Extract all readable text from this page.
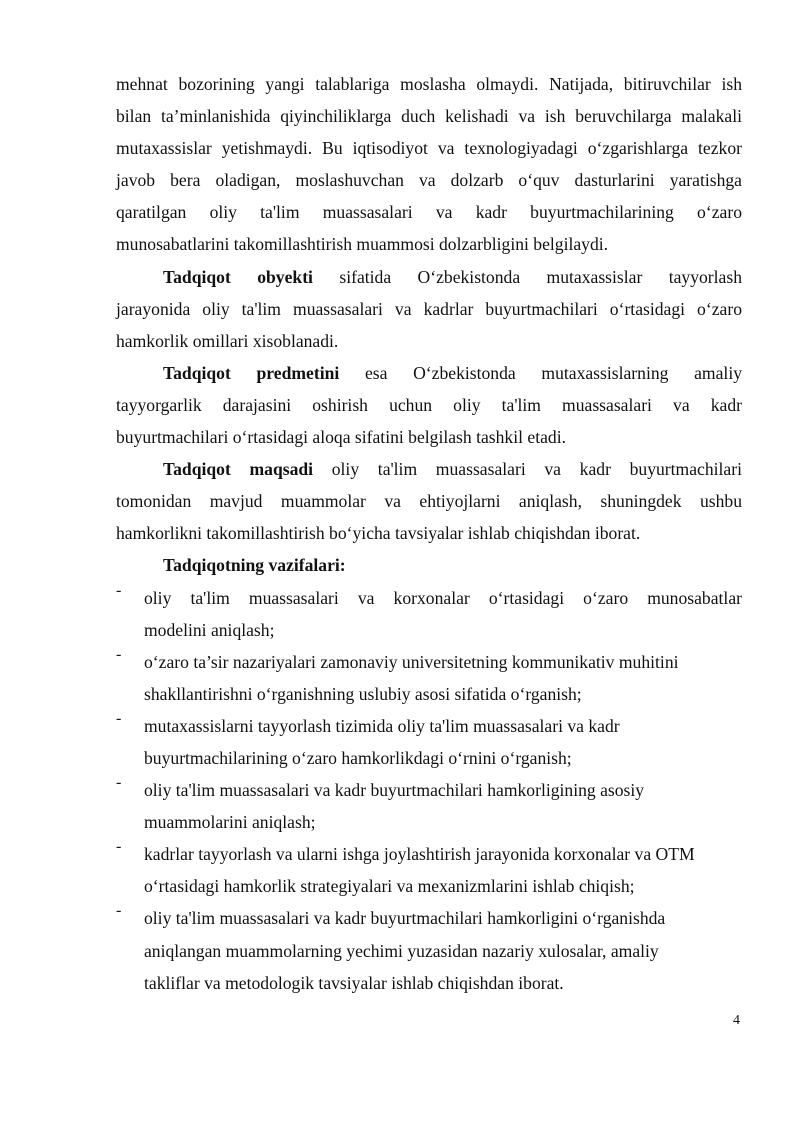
mehnat bozorining yangi talablariga moslasha olmaydi. Natijada, bitiruvchilar ish
bilan ta’minlanishida qiyinchiliklarga duch kelishadi va ish beruvchilarga malakali
mutaxassislar yetishmaydi. Bu iqtisodiyot va texnologiyadagi o‘zgarishlarga tezkor
javob bera oladigan, moslashuvchan va dolzarb o‘quv dasturlarini yaratishga
qaratilgan oliy ta'lim muassasalari va kadr buyurtmachilarining o‘zaro
munosabatlarini takomillashtirish muammosi dolzarbligini belgilaydi.
Tadqiqot obyekti sifatida O‘zbekistonda mutaxassislar tayyorlash
jarayonida oliy ta'lim muassasalari va kadrlar buyurtmachilari o‘rtasidagi o‘zaro
hamkorlik omillari xisoblanadi.
Tadqiqot predmetini esa O‘zbekistonda mutaxassislarning amaliy
tayyorgarlik darajasini oshirish uchun oliy ta'lim muassasalari va kadr
buyurtmachilari o‘rtasidagi aloqa sifatini belgilash tashkil etadi.
Tadqiqot maqsadi oliy ta'lim muassasalari va kadr buyurtmachilari
tomonidan mavjud muammolar va ehtiyojlarni aniqlash, shuningdek ushbu
hamkorlikni takomillashtirish bo‘yicha tavsiyalar ishlab chiqishdan iborat.
Tadqiqotning vazifalari:
- oliy ta'lim muassasalari va korxonalar o‘rtasidagi o‘zaro munosabatlar
modelini aniqlash;
- o‘zaro ta’sir nazariyalari zamonaviy universitetning kommunikativ muhitini
shakllantirishni o‘rganishning uslubiy asosi sifatida o‘rganish;
- mutaxassislarni tayyorlash tizimida oliy ta'lim muassasalari va kadr
buyurtmachilarining o‘zaro hamkorlikdagi o‘rnini o‘rganish;
- oliy ta'lim muassasalari va kadr buyurtmachilari hamkorligining asosiy
muammolarini aniqlash;
- kadrlar tayyorlash va ularni ishga joylashtirish jarayonida korxonalar va OTM
o‘rtasidagi hamkorlik strategiyalari va mexanizmlarini ishlab chiqish;
- oliy ta'lim muassasalari va kadr buyurtmachilari hamkorligini o‘rganishda
aniqlangan muammolarning yechimi yuzasidan nazariy xulosalar, amaliy
takliflar va metodologik tavsiyalar ishlab chiqishdan iborat.
4
